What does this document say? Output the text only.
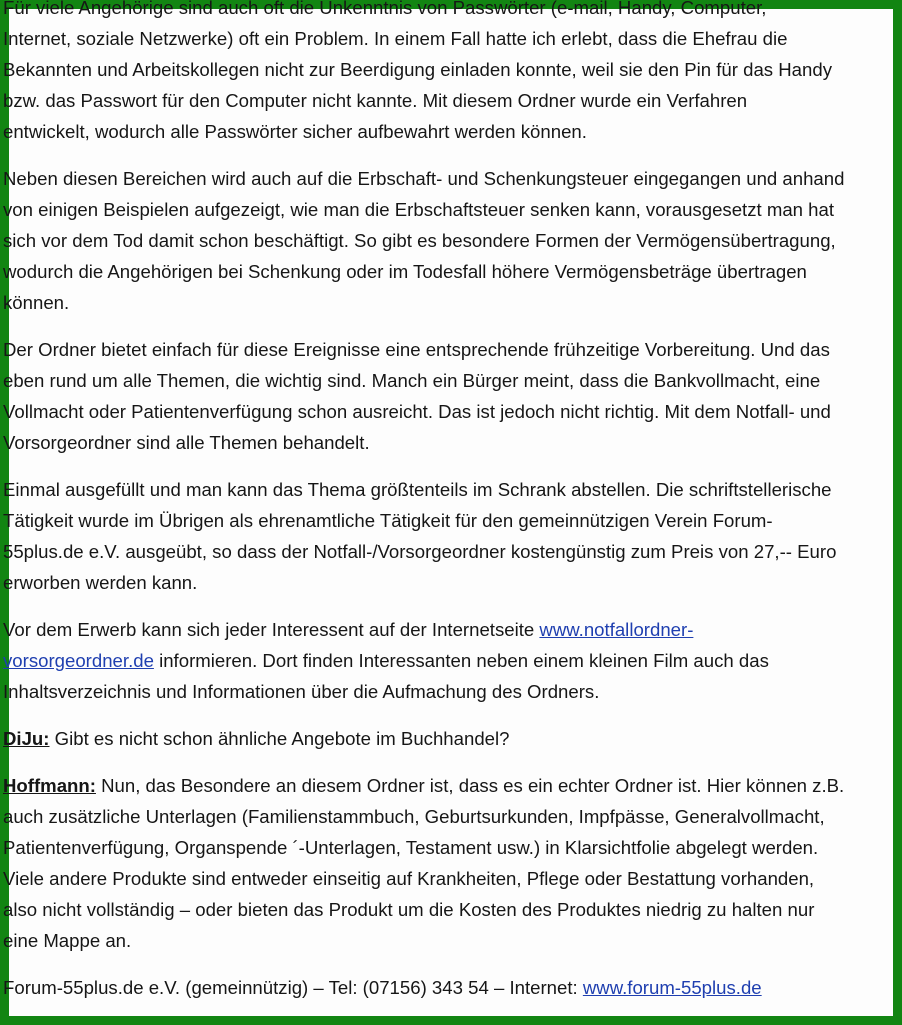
Für viele Angehörige sind auch oft die Unkenntnis von Passwörter (e-mail, Handy, Computer,
Internet, soziale Netzwerke) oft ein Problem. In einem Fall hatte ich erlebt, dass die Ehefrau die
Bekannten und Arbeitskollegen nicht zur Beerdigung einladen konnte, weil sie den Pin für das Handy
bzw. das Passwort für den Computer nicht kannte. Mit diesem Ordner wurde ein Verfahren
entwickelt, wodurch alle Passwörter sicher aufbewahrt werden können.

Neben diesen Bereichen wird auch auf die Erbschaft- und Schenkungsteuer eingegangen und anhand
von einigen Beispielen aufgezeigt, wie man die Erbschaftsteuer senken kann, vorausgesetzt man hat
sich vor dem Tod damit schon beschäftigt. So gibt es besondere Formen der Vermögensübertragung,
wodurch die Angehörigen bei Schenkung oder im Todesfall höhere Vermögensbeträge übertragen
können.

Der Ordner bietet einfach für diese Ereignisse eine entsprechende frühzeitige Vorbereitung. Und das
eben rund um alle Themen, die wichtig sind. Manch ein Bürger meint, dass die Bankvollmacht, eine
Vollmacht oder Patientenverfügung schon ausreicht. Das ist jedoch nicht richtig. Mit dem Notfall- und
Vorsorgeordner sind alle Themen behandelt.

Einmal ausgefüllt und man kann das Thema größtenteils im Schrank abstellen. Die schriftstellerische
Tätigkeit wurde im Übrigen als ehrenamtliche Tätigkeit für den gemeinnützigen Verein Forum-
55plus.de e.V. ausgeübt, so dass der Notfall-/Vorsorgeordner kostengünstig zum Preis von 27,-- Euro
erworben werden kann.

Vor dem Erwerb kann sich jeder Interessent auf der Internetseite www.notfallordner-
vorsorgeordner.de informieren. Dort finden Interessanten neben einem kleinen Film auch das
Inhaltsverzeichnis und Informationen über die Aufmachung des Ordners.

DiJu: Gibt es nicht schon ähnliche Angebote im Buchhandel?

Hoffmann: Nun, das Besondere an diesem Ordner ist, dass es ein echter Ordner ist. Hier können z.B.
auch zusätzliche Unterlagen (Familienstammbuch, Geburtsurkunden, Impfpässe, Generalvollmacht,
Patientenverfügung, Organspende ´-Unterlagen, Testament usw.) in Klarsichtfolie abgelegt werden.
Viele andere Produkte sind entweder einseitig auf Krankheiten, Pflege oder Bestattung vorhanden,
also nicht vollständig – oder bieten das Produkt um die Kosten des Produktes niedrig zu halten nur
eine Mappe an.

Forum-55plus.de e.V. (gemeinnützig) – Tel: (07156) 343 54 – Internet: www.forum-55plus.de
